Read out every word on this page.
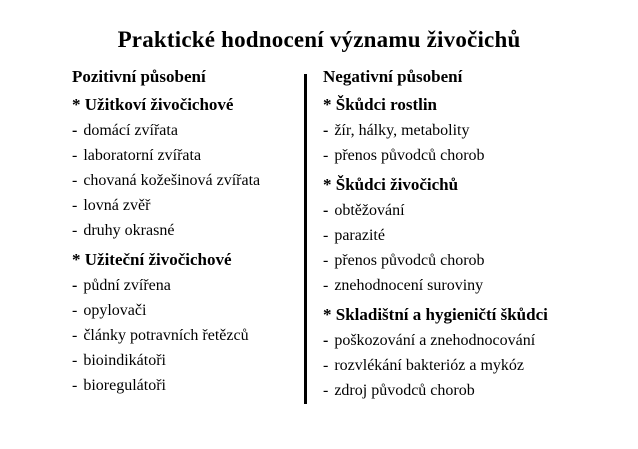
Praktické hodnocení významu živočichů
Pozitivní působení
* Užitkoví živočichové
- domácí zvířata
- laboratorní zvířata
- chovaná kožešinová zvířata
- lovná zvěř
- druhy okrasné
* Užiteční živočichové
- půdní zvířena
- opylovači
- články potravních řetězců
- bioindikátoři
- bioregulátoři
Negativní působení
* Škůdci rostlin
- žír, hálky, metabolity
- přenos původců chorob
* Škůdci živočichů
- obtěžování
- parazité
- přenos původců chorob
- znehodnocení suroviny
* Skladištní a hygieničtí škůdci
- poškozování a znehodnocování
- rozvlékání bakterióz a mykóz
- zdroj původců chorob
